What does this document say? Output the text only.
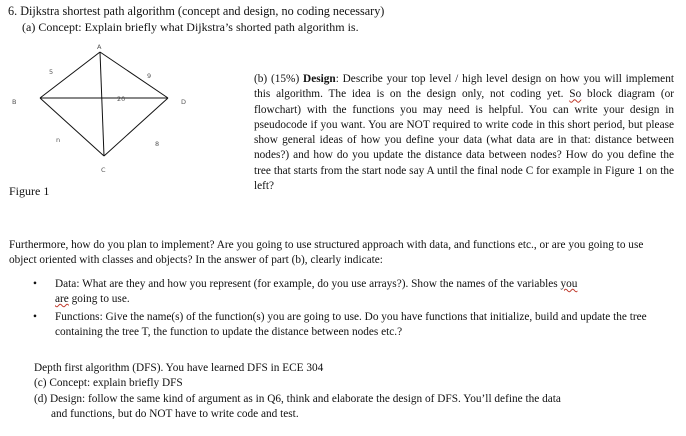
6. Dijkstra shortest path algorithm (concept and design, no coding necessary)
(a) Concept: Explain briefly what Dijkstra’s shorted path algorithm is.
A
B
C
D
5	9
20
n	8
Figure 1
(b) (15%) Design: Describe your top level / high level design on how you will implement this algorithm. The idea is on the design only, not coding yet. So block diagram (or flowchart) with the functions you may need is helpful. You can write your design in pseudocode if you want. You are NOT required to write code in this short period, but please show general ideas of how you define your data (what data are in that: distance between nodes?) and how do you update the distance data between nodes? How do you define the tree that starts from the start node say A until the final node C for example in Figure 1 on the left?
Furthermore, how do you plan to implement? Are you going to use structured approach with data, and functions etc., or are you going to use object oriented with classes and objects? In the answer of part (b), clearly indicate:
•	Data: What are they and how you represent (for example, do you use arrays?). Show the names of the variables you
are going to use.
•	Functions: Give the name(s) of the function(s) you are going to use. Do you have functions that initialize, build and update the tree containing the tree T, the function to update the distance between nodes etc.?
Depth first algorithm (DFS). You have learned DFS in ECE 304
(c) Concept: explain briefly DFS
(d) Design: follow the same kind of argument as in Q6, think and elaborate the design of DFS. You’ll define the data
and functions, but do NOT have to write code and test.
